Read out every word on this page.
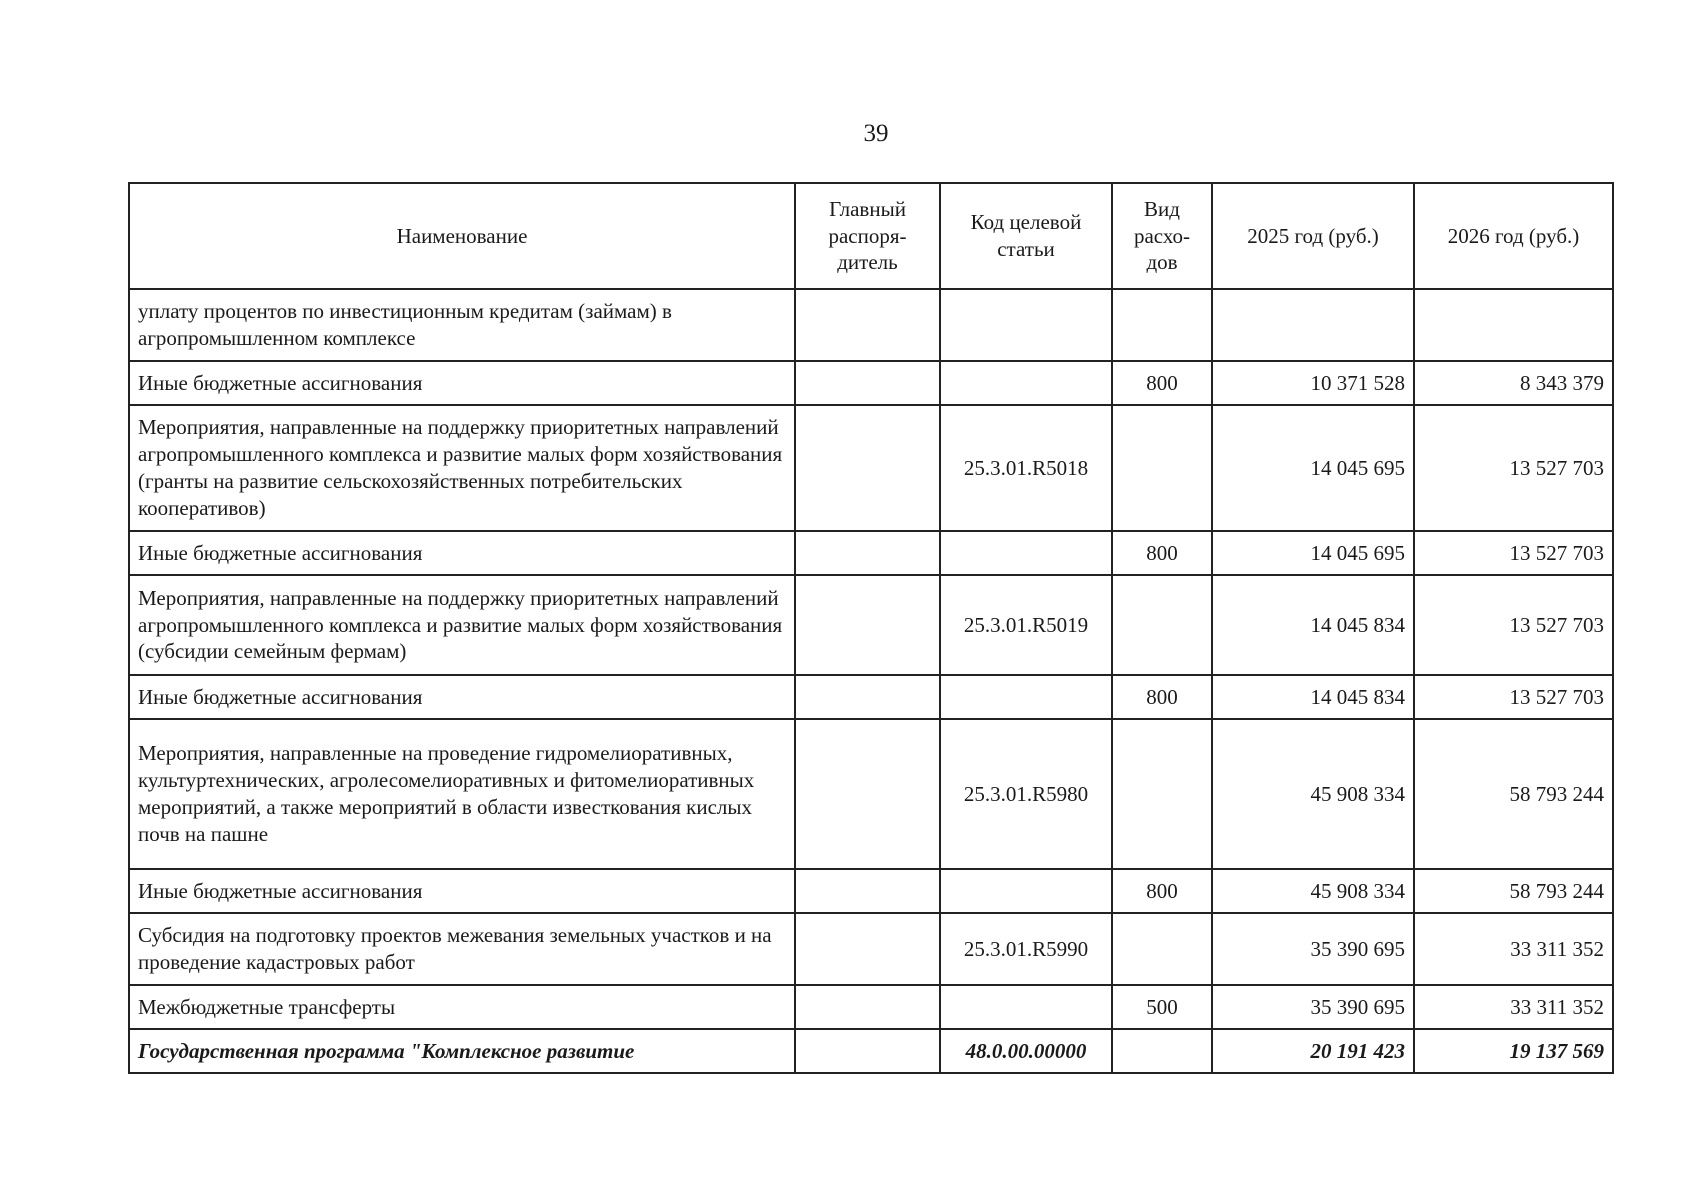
39
Наименование	Главный распоря-дитель	Код целевой статьи	Вид расхо-дов	2025 год (руб.)	2026 год (руб.)
уплату процентов по инвестиционным кредитам (займам) в агропромышленном комплексе					
Иные бюджетные ассигнования			800	10 371 528	8 343 379
Мероприятия, направленные на поддержку приоритетных направлений агропромышленного комплекса и развитие малых форм хозяйствования (гранты на развитие сельскохозяйственных потребительских кооперативов)		25.3.01.R5018		14 045 695	13 527 703
Иные бюджетные ассигнования			800	14 045 695	13 527 703
Мероприятия, направленные на поддержку приоритетных направлений агропромышленного комплекса и развитие малых форм хозяйствования (субсидии семейным фермам)		25.3.01.R5019		14 045 834	13 527 703
Иные бюджетные ассигнования			800	14 045 834	13 527 703
Мероприятия, направленные на проведение гидромелиоративных, культуртехнических, агролесомелиоративных и фитомелиоративных мероприятий, а также мероприятий в области известкования кислых почв на пашне		25.3.01.R5980		45 908 334	58 793 244
Иные бюджетные ассигнования			800	45 908 334	58 793 244
Субсидия на подготовку проектов межевания земельных участков и на проведение кадастровых работ		25.3.01.R5990		35 390 695	33 311 352
Межбюджетные трансферты			500	35 390 695	33 311 352
Государственная программа "Комплексное развитие		48.0.00.00000		20 191 423	19 137 569
